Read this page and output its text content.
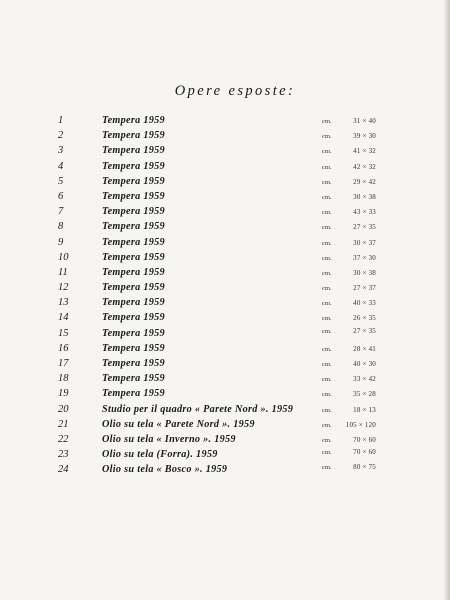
Opere esposte:
1	Tempera 1959	cm.	31 × 40
2	Tempera 1959	cm.	39 × 30
3	Tempera 1959	cm.	41 × 32
4	Tempera 1959	cm.	42 × 32
5	Tempera 1959	cm.	29 × 42
6	Tempera 1959	cm.	30 × 38
7	Tempera 1959	cm.	43 × 33
8	Tempera 1959	cm.	27 × 35
9	Tempera 1959	cm.	30 × 37
10	Tempera 1959	cm.	37 × 30
11	Tempera 1959	cm.	30 × 38
12	Tempera 1959	cm.	27 × 37
13	Tempera 1959	cm.	40 × 33
14	Tempera 1959	cm.	26 × 35
15	Tempera 1959	cm.	27 × 35
16	Tempera 1959	cm.	28 × 41
17	Tempera 1959	cm.	40 × 30
18	Tempera 1959	cm.	33 × 42
19	Tempera 1959	cm.	35 × 28
20	Studio per il quadro « Parete Nord ». 1959	cm.	18 × 13
21	Olio su tela « Parete Nord ». 1959	cm.	105 × 120
22	Olio su tela « Inverno ». 1959	cm.	70 × 60
23	Olio su tela (Forra). 1959	cm.	70 × 60
24	Olio su tela « Bosco ». 1959	cm.	80 × 75
